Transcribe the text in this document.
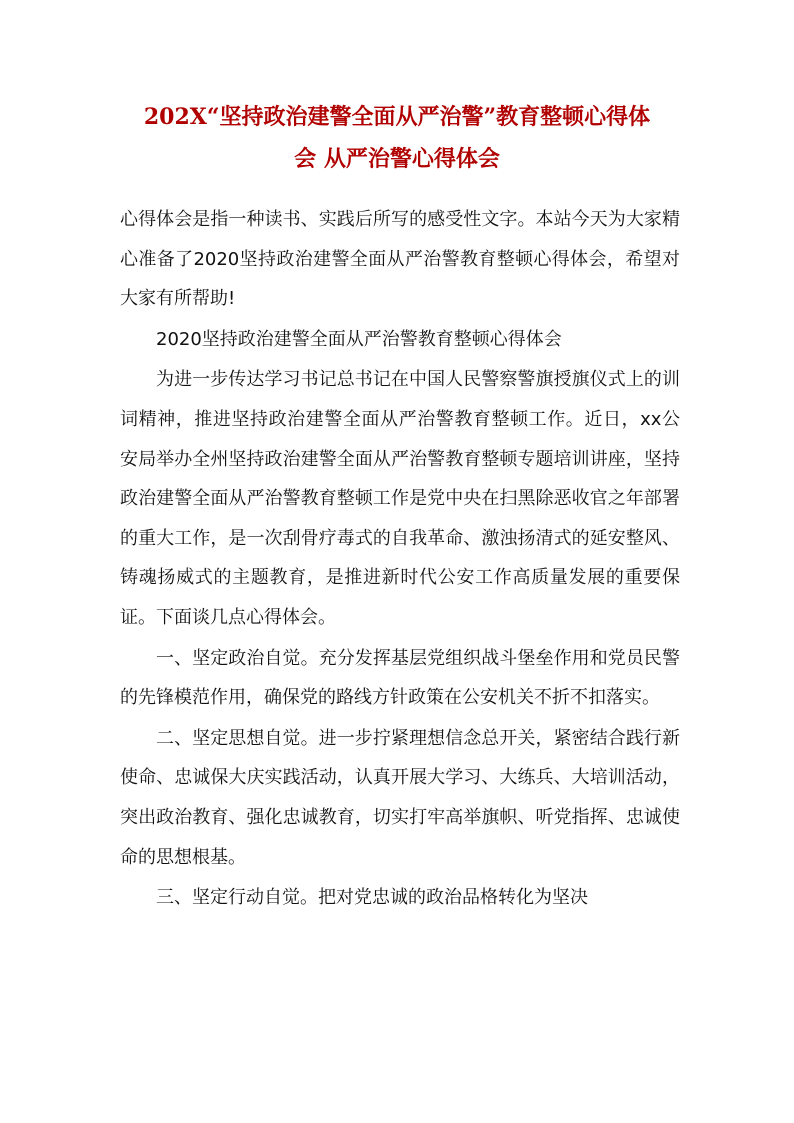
202X“坚持政治建警全面从严治警”教育整顿心得体
会 从严治警心得体会

心得体会是指一种读书、实践后所写的感受性文字。本站今天为大家精心准备了2020坚持政治建警全面从严治警教育整顿心得体会，希望对大家有所帮助!

2020坚持政治建警全面从严治警教育整顿心得体会

为进一步传达学习书记总书记在中国人民警察警旗授旗仪式上的训词精神，推进坚持政治建警全面从严治警教育整顿工作。近日，xx公安局举办全州坚持政治建警全面从严治警教育整顿专题培训讲座，坚持政治建警全面从严治警教育整顿工作是党中央在扫黑除恶收官之年部署的重大工作，是一次刮骨疗毒式的自我革命、激浊扬清式的延安整风、铸魂扬威式的主题教育，是推进新时代公安工作高质量发展的重要保证。下面谈几点心得体会。

一、坚定政治自觉。充分发挥基层党组织战斗堡垒作用和党员民警的先锋模范作用，确保党的路线方针政策在公安机关不折不扣落实。

二、坚定思想自觉。进一步拧紧理想信念总开关，紧密结合践行新使命、忠诚保大庆实践活动，认真开展大学习、大练兵、大培训活动，突出政治教育、强化忠诚教育，切实打牢高举旗帜、听党指挥、忠诚使命的思想根基。

三、坚定行动自觉。把对党忠诚的政治品格转化为坚决
